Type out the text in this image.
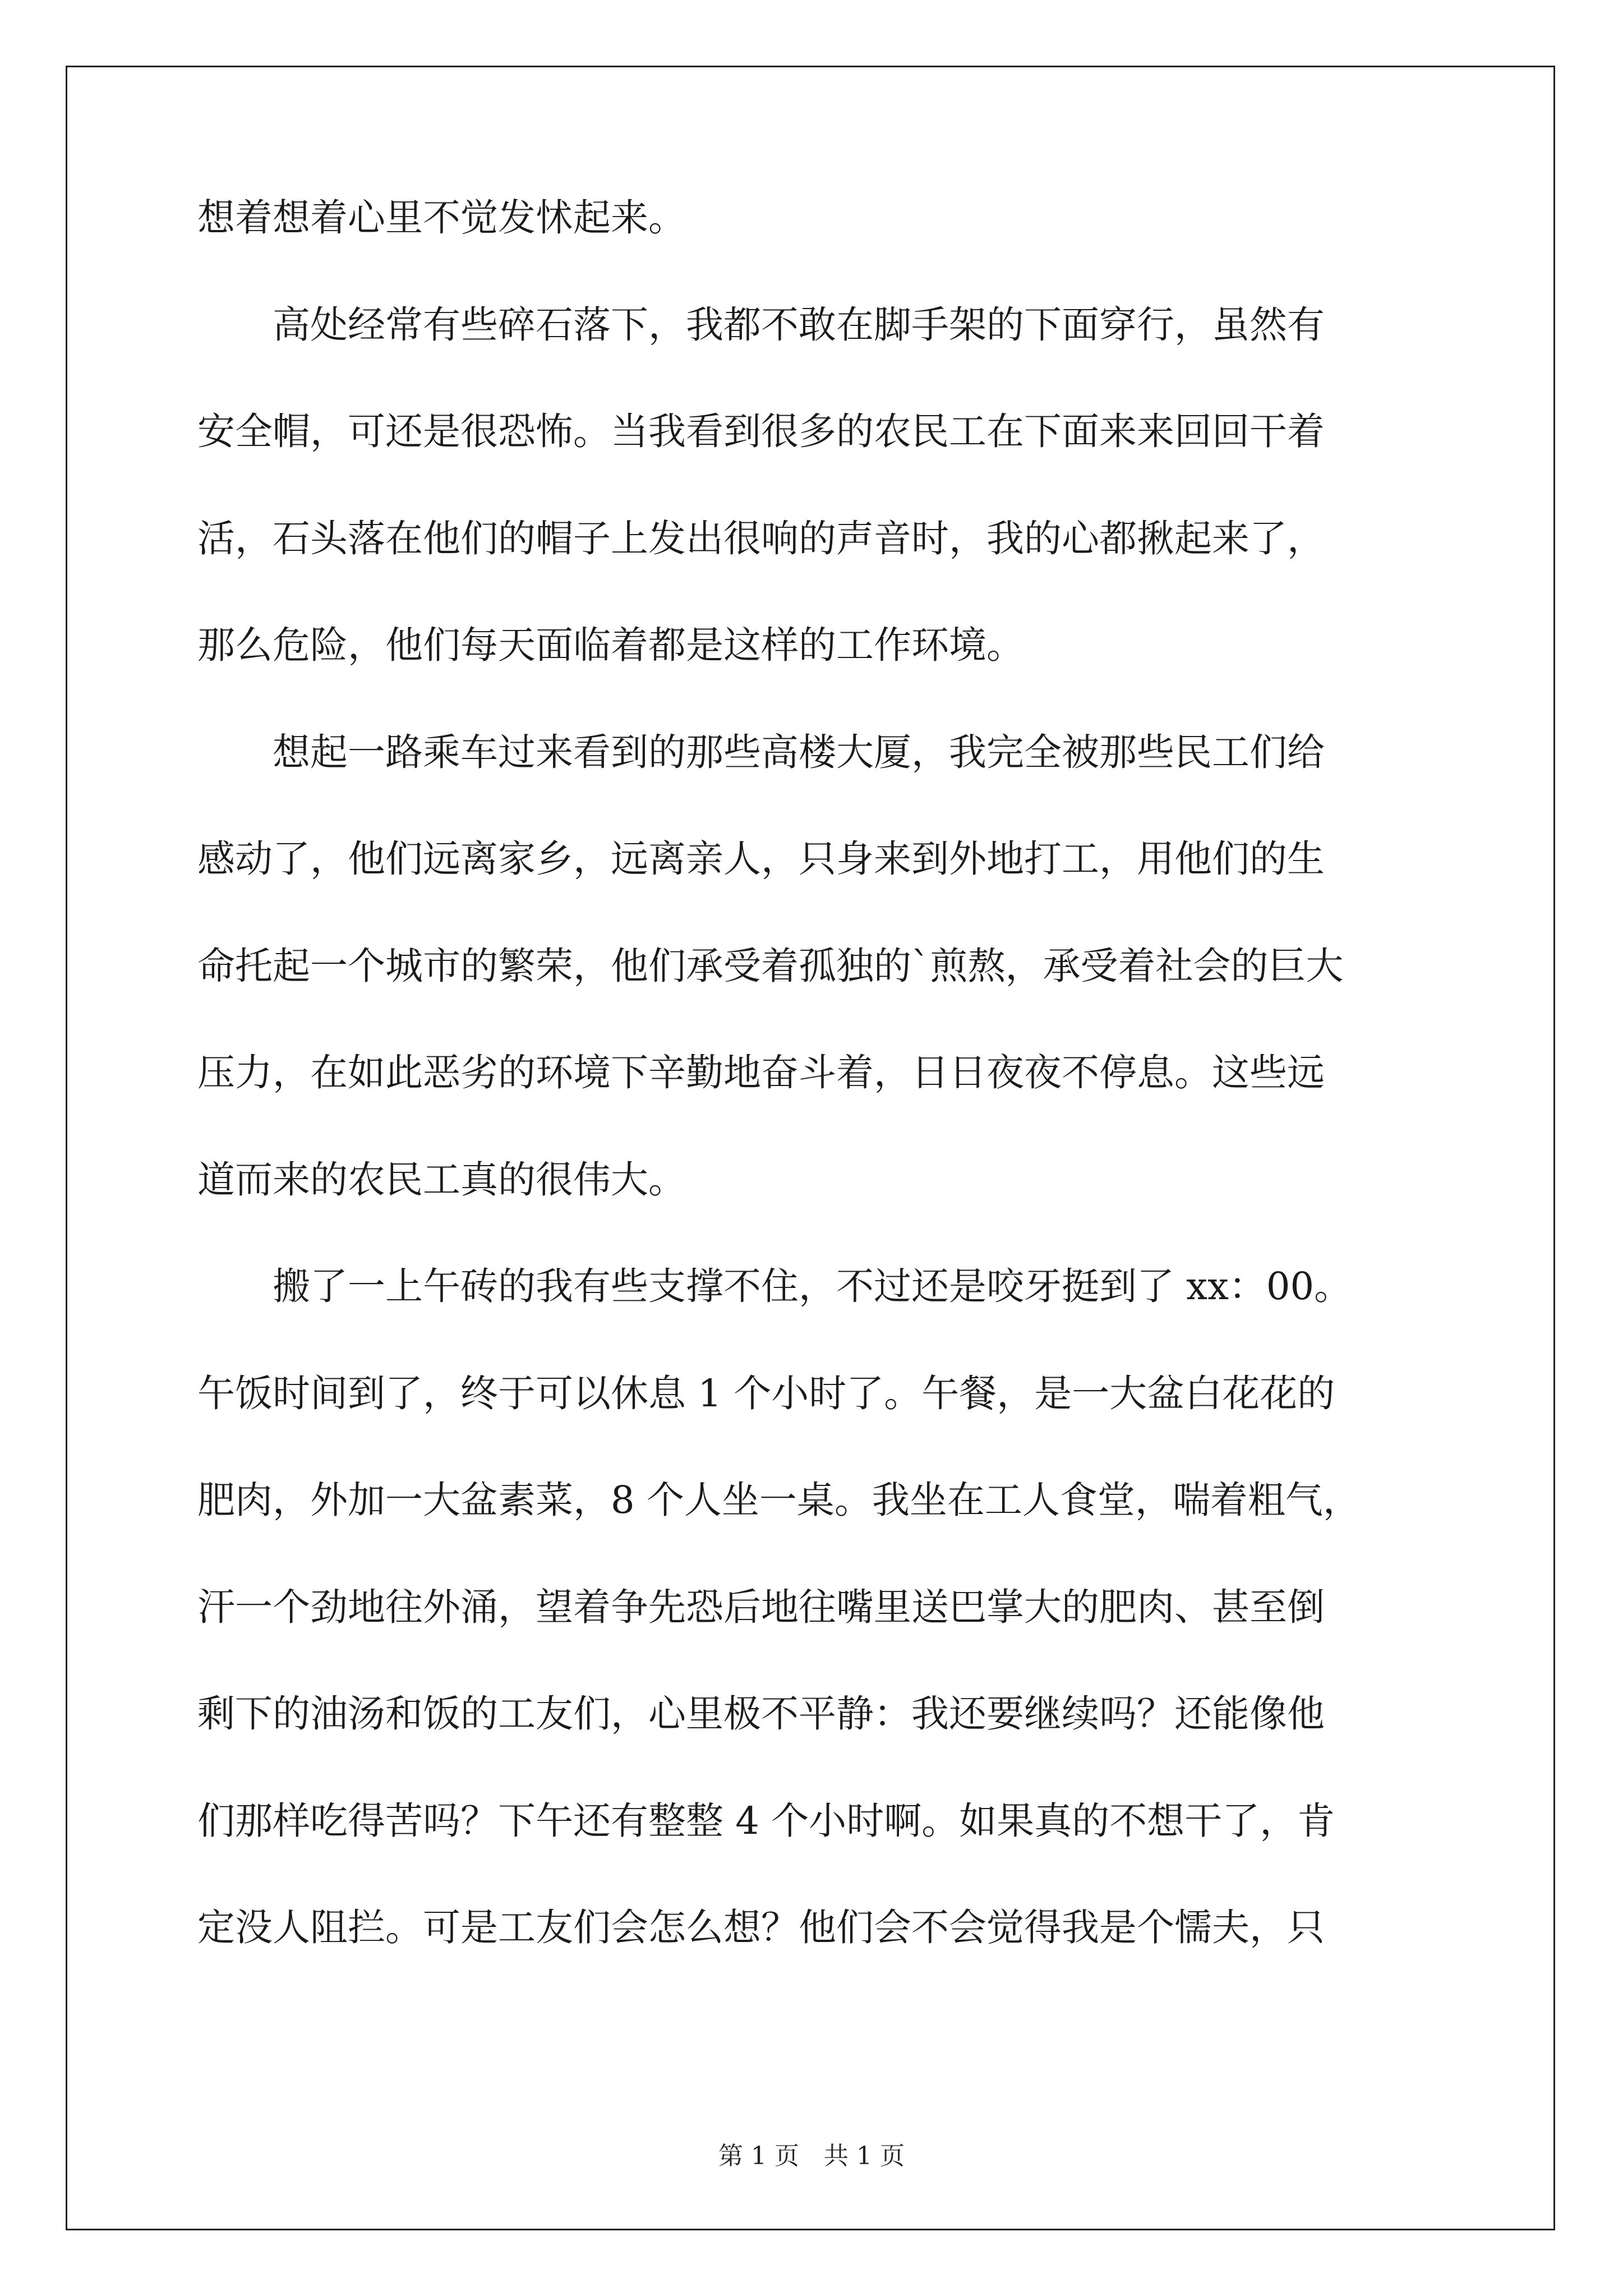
想着想着心里不觉发怵起来。
　　高处经常有些碎石落下，我都不敢在脚手架的下面穿行，虽然有
安全帽，可还是很恐怖。当我看到很多的农民工在下面来来回回干着
活，石头落在他们的帽子上发出很响的声音时，我的心都揪起来了，
那么危险，他们每天面临着都是这样的工作环境。
　　想起一路乘车过来看到的那些高楼大厦，我完全被那些民工们给
感动了，他们远离家乡，远离亲人，只身来到外地打工，用他们的生
命托起一个城市的繁荣，他们承受着孤独的`煎熬，承受着社会的巨大
压力，在如此恶劣的环境下辛勤地奋斗着，日日夜夜不停息。这些远
道而来的农民工真的很伟大。
　　搬了一上午砖的我有些支撑不住，不过还是咬牙挺到了 xx：00。
午饭时间到了，终于可以休息 1 个小时了。午餐，是一大盆白花花的
肥肉，外加一大盆素菜，8 个人坐一桌。我坐在工人食堂，喘着粗气，
汗一个劲地往外涌，望着争先恐后地往嘴里送巴掌大的肥肉、甚至倒
剩下的油汤和饭的工友们，心里极不平静：我还要继续吗？还能像他
们那样吃得苦吗？下午还有整整 4 个小时啊。如果真的不想干了，肯
定没人阻拦。可是工友们会怎么想？他们会不会觉得我是个懦夫，只
第 1 页 共 1 页
